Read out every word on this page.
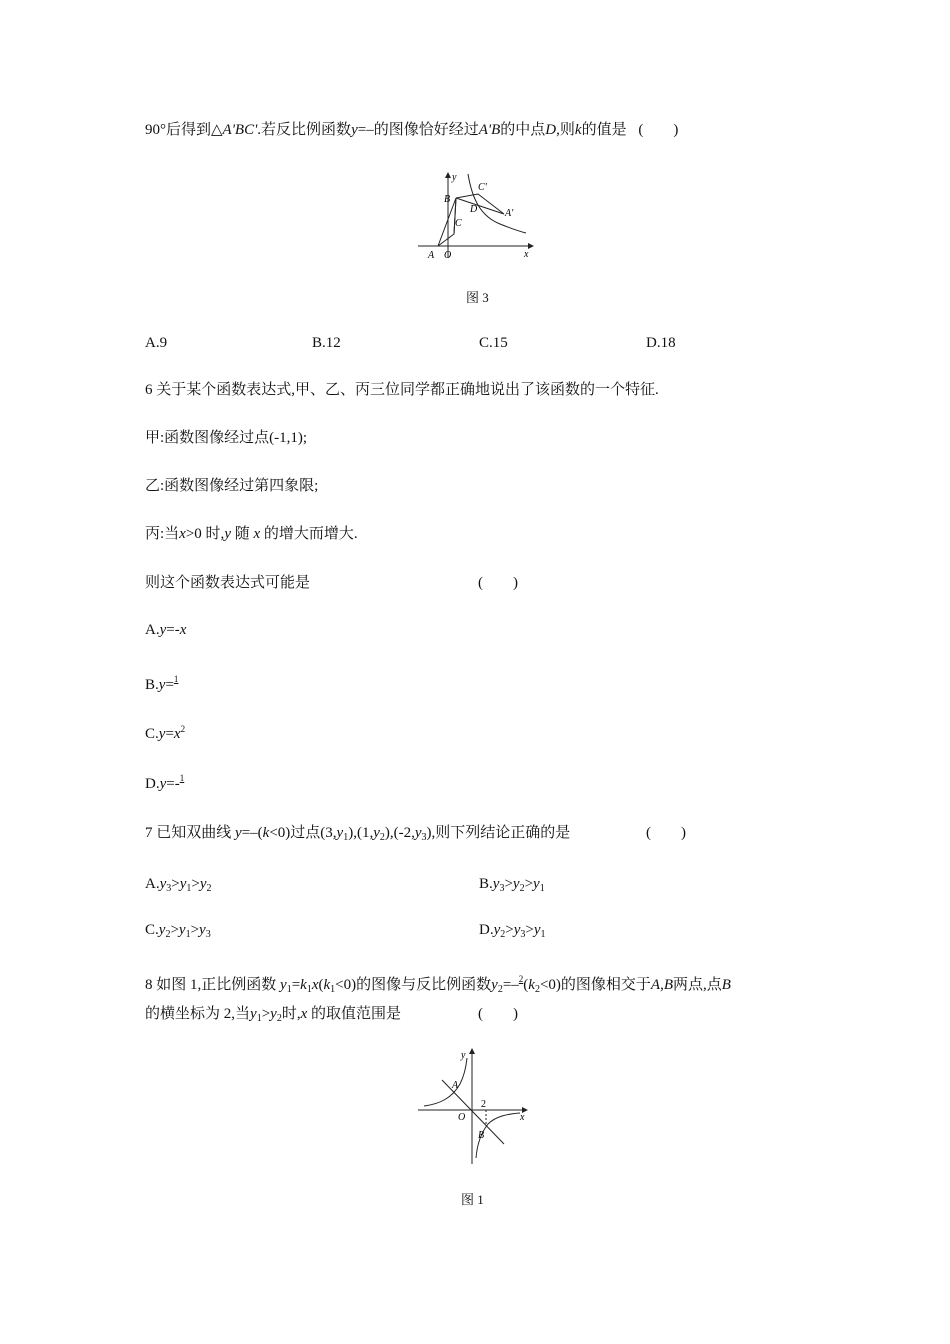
90°后得到△A'BC'.若反比例函数y=–的图像恰好经过A'B的中点D,则k的值是 (　　)
y
B
C'
D	A'
C
A O	x
图 3
A.9	B.12	C.15	D.18
6 关于某个函数表达式,甲、乙、丙三位同学都正确地说出了该函数的一个特征.
甲:函数图像经过点(-1,1);
乙:函数图像经过第四象限;
丙:当x>0 时,y 随 x 的增大而增大.
则这个函数表达式可能是	(　　)
A.y=-x
B.y=$^1$
$C.y=x^2$
D.y=-$^1$
7 已知双曲线 y=–(k<0)过点$(3,y_1),(1,y_2),(-2,y_3)$,则下列结论正确的是	(　　)
$A.y_3>y_1>y_2$	$B.y_3>y_2>y_1$
$C.y_2>y_1>y_3$	$D.y_2>y_3>y_1$
8 如图 1,正比例函数 $y_1=k_1x(k_1<0)$的图像与反比例函数$y_2=-^2(k_2<0)$的图像相交于A,B两点,点B
的横坐标为 2,当$y_1>y_2$时,x 的取值范围是	(　　)
y
A
O
2
B
x
图 1
